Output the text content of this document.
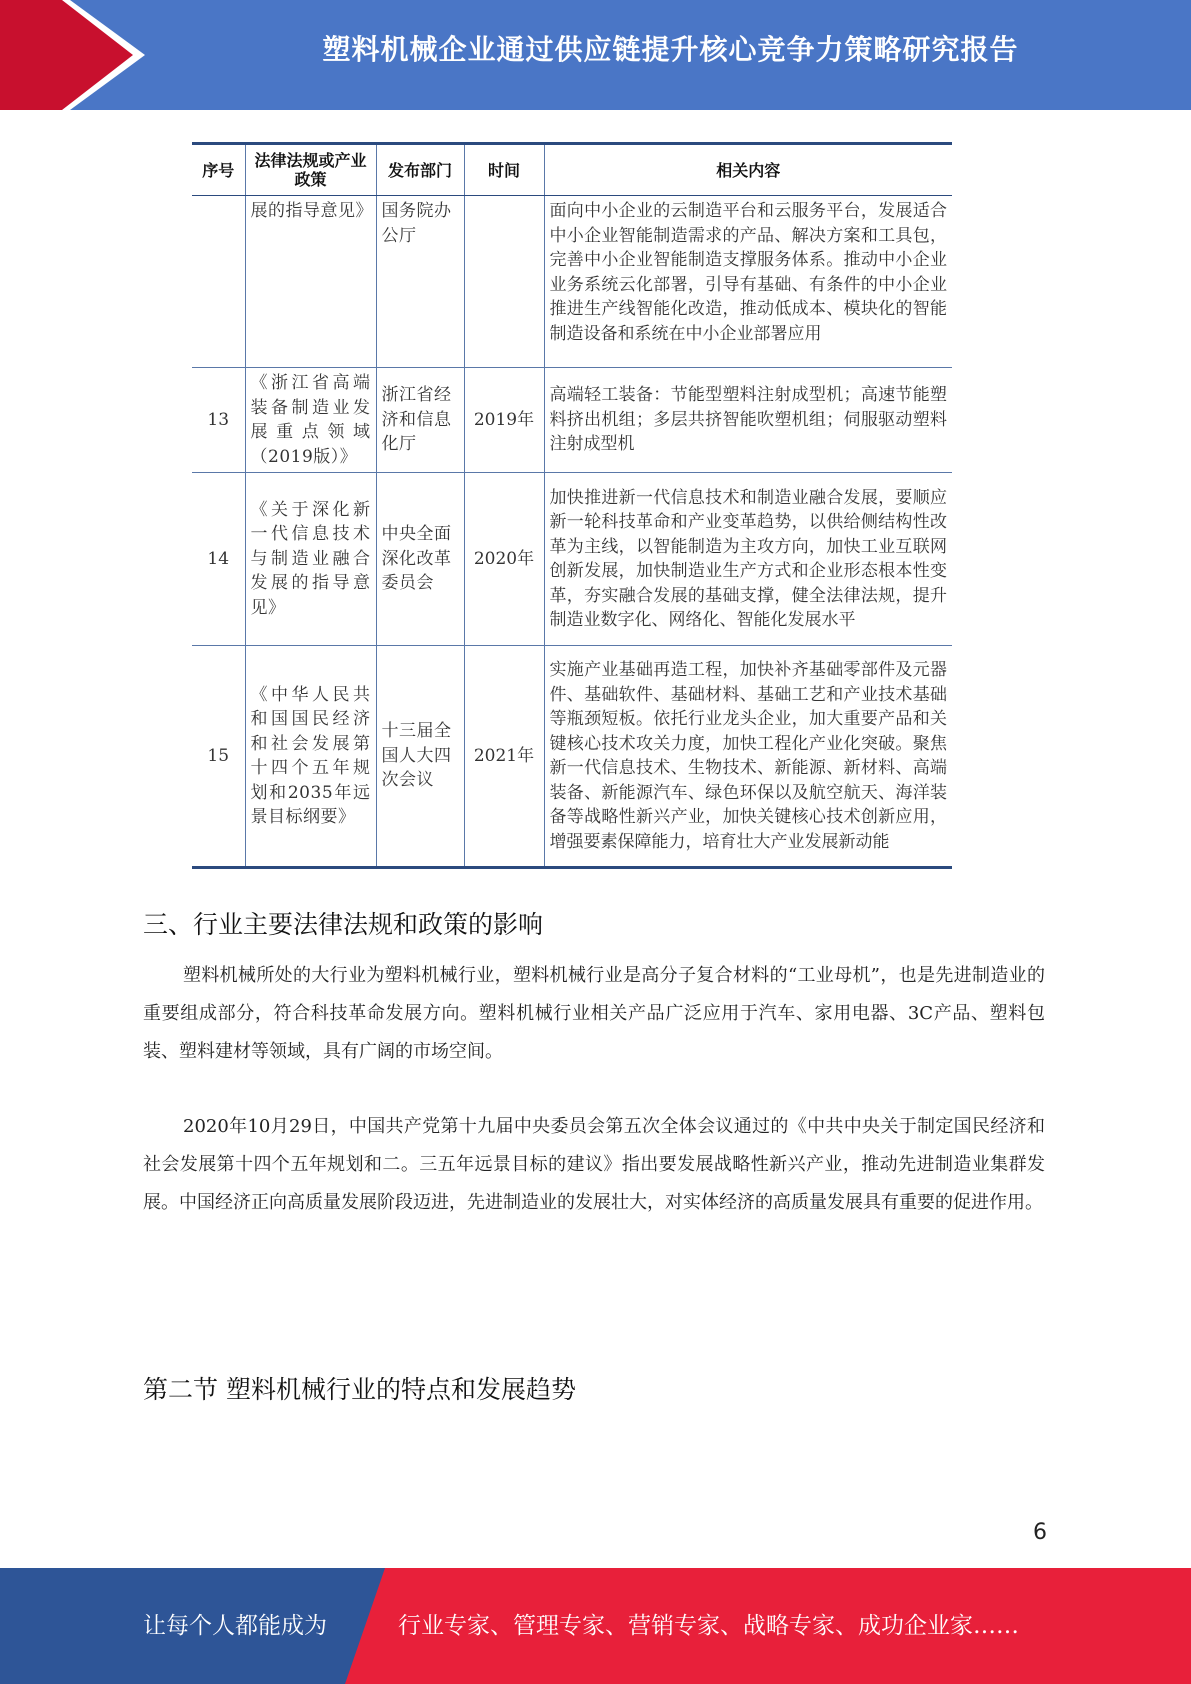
塑料机械企业通过供应链提升核心竞争力策略研究报告
序号	法律法规或产业政策	发布部门	时间	相关内容
	展的指导意见》	国务院办公厅		面向中小企业的云制造平台和云服务平台，发展适合中小企业智能制造需求的产品、解决方案和工具包，完善中小企业智能制造支撑服务体系。推动中小企业业务系统云化部署，引导有基础、有条件的中小企业推进生产线智能化改造，推动低成本、模块化的智能制造设备和系统在中小企业部署应用
13	《浙江省高端装备制造业发展重点领域（2019版）》	浙江省经济和信息化厅	2019年	高端轻工装备：节能型塑料注射成型机；高速节能塑料挤出机组；多层共挤智能吹塑机组；伺服驱动塑料注射成型机
14	《关于深化新一代信息技术与制造业融合发展的指导意见》	中央全面深化改革委员会	2020年	加快推进新一代信息技术和制造业融合发展，要顺应新一轮科技革命和产业变革趋势，以供给侧结构性改革为主线，以智能制造为主攻方向，加快工业互联网创新发展，加快制造业生产方式和企业形态根本性变革，夯实融合发展的基础支撑，健全法律法规，提升制造业数字化、网络化、智能化发展水平
15	《中华人民共和国国民经济和社会发展第十四个五年规划和2035年远景目标纲要》	十三届全国人大四次会议	2021年	实施产业基础再造工程，加快补齐基础零部件及元器件、基础软件、基础材料、基础工艺和产业技术基础等瓶颈短板。依托行业龙头企业，加大重要产品和关键核心技术攻关力度，加快工程化产业化突破。聚焦新一代信息技术、生物技术、新能源、新材料、高端装备、新能源汽车、绿色环保以及航空航天、海洋装备等战略性新兴产业，加快关键核心技术创新应用，增强要素保障能力，培育壮大产业发展新动能
三、行业主要法律法规和政策的影响

塑料机械所处的大行业为塑料机械行业，塑料机械行业是高分子复合材料的“工业母机”，也是先进制造业的重要组成部分，符合科技革命发展方向。塑料机械行业相关产品广泛应用于汽车、家用电器、3C产品、塑料包装、塑料建材等领域，具有广阔的市场空间。

2020年10月29日，中国共产党第十九届中央委员会第五次全体会议通过的《中共中央关于制定国民经济和社会发展第十四个五年规划和二。三五年远景目标的建议》指出要发展战略性新兴产业，推动先进制造业集群发展。中国经济正向高质量发展阶段迈进，先进制造业的发展壮大，对实体经济的高质量发展具有重要的促进作用。

第二节 塑料机械行业的特点和发展趋势
6
让每个人都能成为	行业专家、管理专家、营销专家、战略专家、成功企业家……
